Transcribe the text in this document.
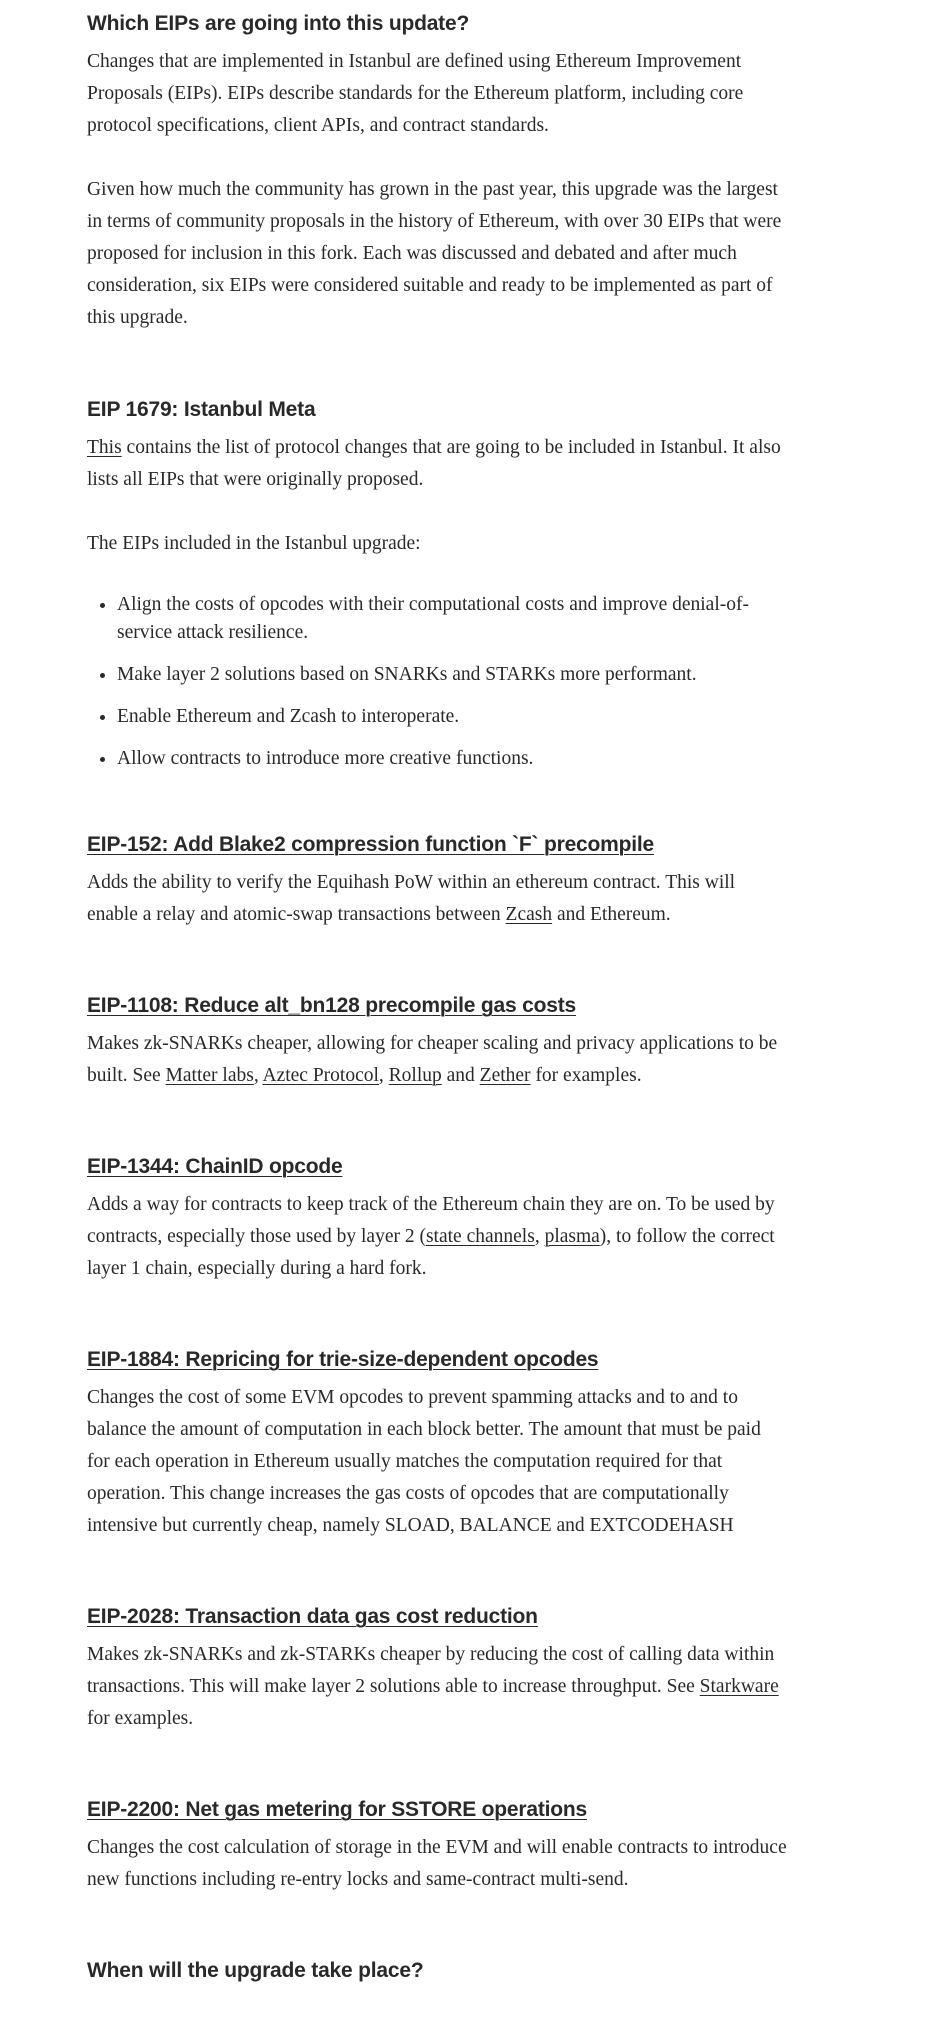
Which EIPs are going into this update?

Changes that are implemented in Istanbul are defined using Ethereum Improvement Proposals (EIPs). EIPs describe standards for the Ethereum platform, including core protocol specifications, client APIs, and contract standards.

Given how much the community has grown in the past year, this upgrade was the largest in terms of community proposals in the history of Ethereum, with over 30 EIPs that were proposed for inclusion in this fork. Each was discussed and debated and after much consideration, six EIPs were considered suitable and ready to be implemented as part of this upgrade.

EIP 1679: Istanbul Meta

This contains the list of protocol changes that are going to be included in Istanbul. It also lists all EIPs that were originally proposed.

The EIPs included in the Istanbul upgrade:

• Align the costs of opcodes with their computational costs and improve denial-of-service attack resilience.
• Make layer 2 solutions based on SNARKs and STARKs more performant.
• Enable Ethereum and Zcash to interoperate.
• Allow contracts to introduce more creative functions.
EIP-152: Add Blake2 compression function `F` precompile

Adds the ability to verify the Equihash PoW within an ethereum contract. This will enable a relay and atomic-swap transactions between Zcash and Ethereum.

EIP-1108: Reduce alt_bn128 precompile gas costs

Makes zk-SNARKs cheaper, allowing for cheaper scaling and privacy applications to be built. See Matter labs, Aztec Protocol, Rollup and Zether for examples.

EIP-1344: ChainID opcode

Adds a way for contracts to keep track of the Ethereum chain they are on. To be used by contracts, especially those used by layer 2 (state channels, plasma), to follow the correct layer 1 chain, especially during a hard fork.

EIP-1884: Repricing for trie-size-dependent opcodes

Changes the cost of some EVM opcodes to prevent spamming attacks and to and to balance the amount of computation in each block better. The amount that must be paid for each operation in Ethereum usually matches the computation required for that operation. This change increases the gas costs of opcodes that are computationally intensive but currently cheap, namely SLOAD, BALANCE and EXTCODEHASH

EIP-2028: Transaction data gas cost reduction

Makes zk-SNARKs and zk-STARKs cheaper by reducing the cost of calling data within transactions. This will make layer 2 solutions able to increase throughput. See Starkware for examples.

EIP-2200: Net gas metering for SSTORE operations

Changes the cost calculation of storage in the EVM and will enable contracts to introduce new functions including re-entry locks and same-contract multi-send.

When will the upgrade take place?
